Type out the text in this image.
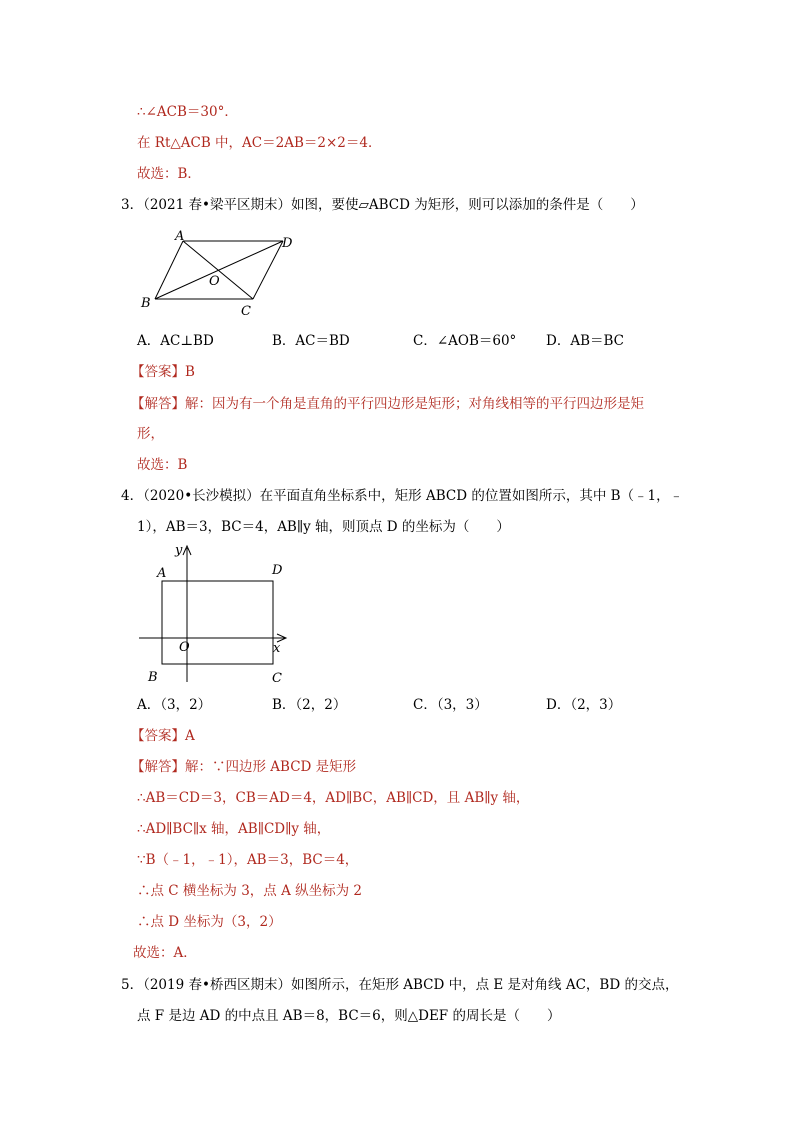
∴∠ACB＝30°．
在 Rt△ACB 中，AC＝2AB＝2×2＝4．
故选：B．
3．（2021 春•梁平区期末）如图，要使▱ABCD 为矩形，则可以添加的条件是（　　）
A	D
O
B
C
A．AC⊥BD	B．AC＝BD	C．∠AOB＝60° D．AB＝BC
【答案】B
【解答】解：因为有一个角是直角的平行四边形是矩形；对角线相等的平行四边形是矩
形，
故选：B
4．（2020•长沙模拟）在平面直角坐标系中，矩形 ABCD 的位置如图所示，其中 B（﹣1，﹣
1），AB＝3，BC＝4，AB∥y 轴，则顶点 D 的坐标为（　　）
y
A	D
O	x
B	C
A．（3，2）	B．（2，2）	C．（3，3）	D．（2，3）
【答案】A
【解答】解：∵四边形 ABCD 是矩形
∴AB＝CD＝3，CB＝AD＝4，AD∥BC，AB∥CD，且 AB∥y 轴，
∴AD∥BC∥x 轴，AB∥CD∥y 轴，
∵B（﹣1，﹣1），AB＝3，BC＝4，
∴点 C 横坐标为 3，点 A 纵坐标为 2
∴点 D 坐标为（3，2）
故选：A．
5．（2019 春•桥西区期末）如图所示，在矩形 ABCD 中，点 E 是对角线 AC，BD 的交点，
点 F 是边 AD 的中点且 AB＝8，BC＝6，则△DEF 的周长是（　　）
